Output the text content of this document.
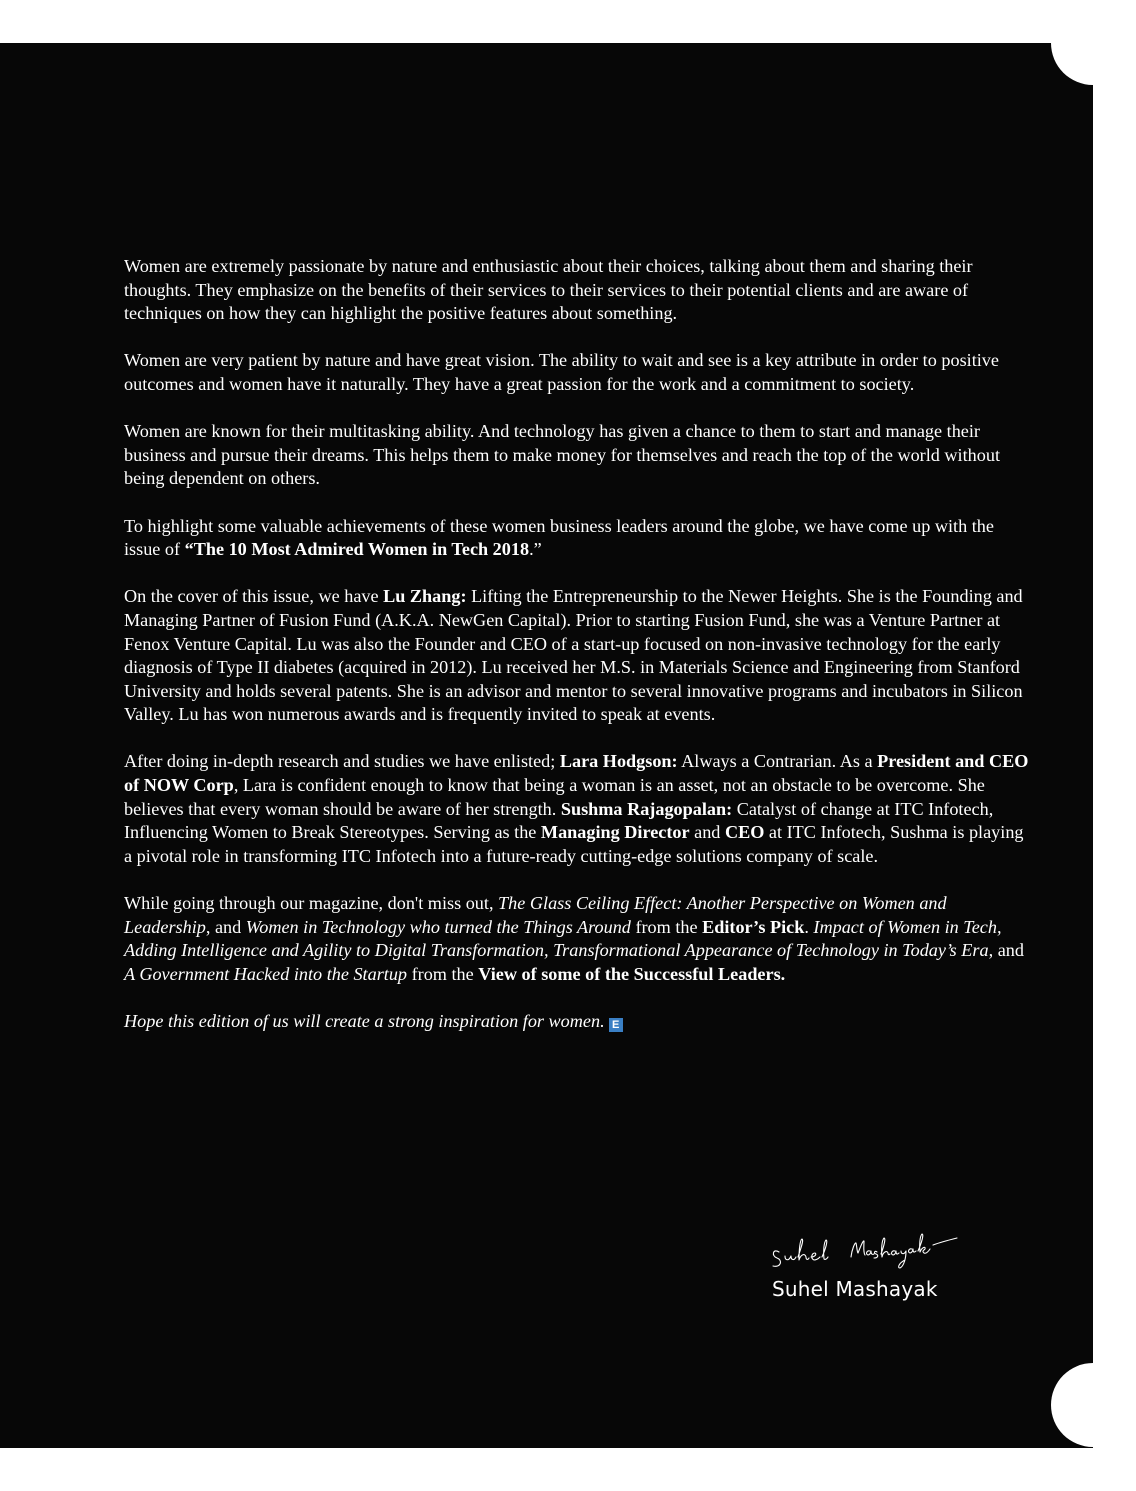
Women are extremely passionate by nature and enthusiastic about their choices, talking about them and sharing their thoughts. They emphasize on the benefits of their services to their services to their potential clients and are aware of techniques on how they can highlight the positive features about something.

Women are very patient by nature and have great vision. The ability to wait and see is a key attribute in order to positive outcomes and women have it naturally. They have a great passion for the work and a commitment to society.

Women are known for their multitasking ability. And technology has given a chance to them to start and manage their business and pursue their dreams. This helps them to make money for themselves and reach the top of the world without being dependent on others.

To highlight some valuable achievements of these women business leaders around the globe, we have come up with the issue of “The 10 Most Admired Women in Tech 2018.”

On the cover of this issue, we have Lu Zhang: Lifting the Entrepreneurship to the Newer Heights. She is the Founding and Managing Partner of Fusion Fund (A.K.A. NewGen Capital). Prior to starting Fusion Fund, she was a Venture Partner at Fenox Venture Capital. Lu was also the Founder and CEO of a start-up focused on non-invasive technology for the early diagnosis of Type II diabetes (acquired in 2012). Lu received her M.S. in Materials Science and Engineering from Stanford University and holds several patents. She is an advisor and mentor to several innovative programs and incubators in Silicon Valley. Lu has won numerous awards and is frequently invited to speak at events.

After doing in-depth research and studies we have enlisted; Lara Hodgson: Always a Contrarian. As a President and CEO of NOW Corp, Lara is confident enough to know that being a woman is an asset, not an obstacle to be overcome. She believes that every woman should be aware of her strength. Sushma Rajagopalan: Catalyst of change at ITC Infotech, Influencing Women to Break Stereotypes. Serving as the Managing Director and CEO at ITC Infotech, Sushma is playing a pivotal role in transforming ITC Infotech into a future-ready cutting-edge solutions company of scale.

While going through our magazine, don't miss out, The Glass Ceiling Effect: Another Perspective on Women and Leadership, and Women in Technology who turned the Things Around from the Editor’s Pick. Impact of Women in Tech, Adding Intelligence and Agility to Digital Transformation, Transformational Appearance of Technology in Today’s Era, and A Government Hacked into the Startup from the View of some of the Successful Leaders.

Hope this edition of us will create a strong inspiration for women. E

Suhel Mashayak
